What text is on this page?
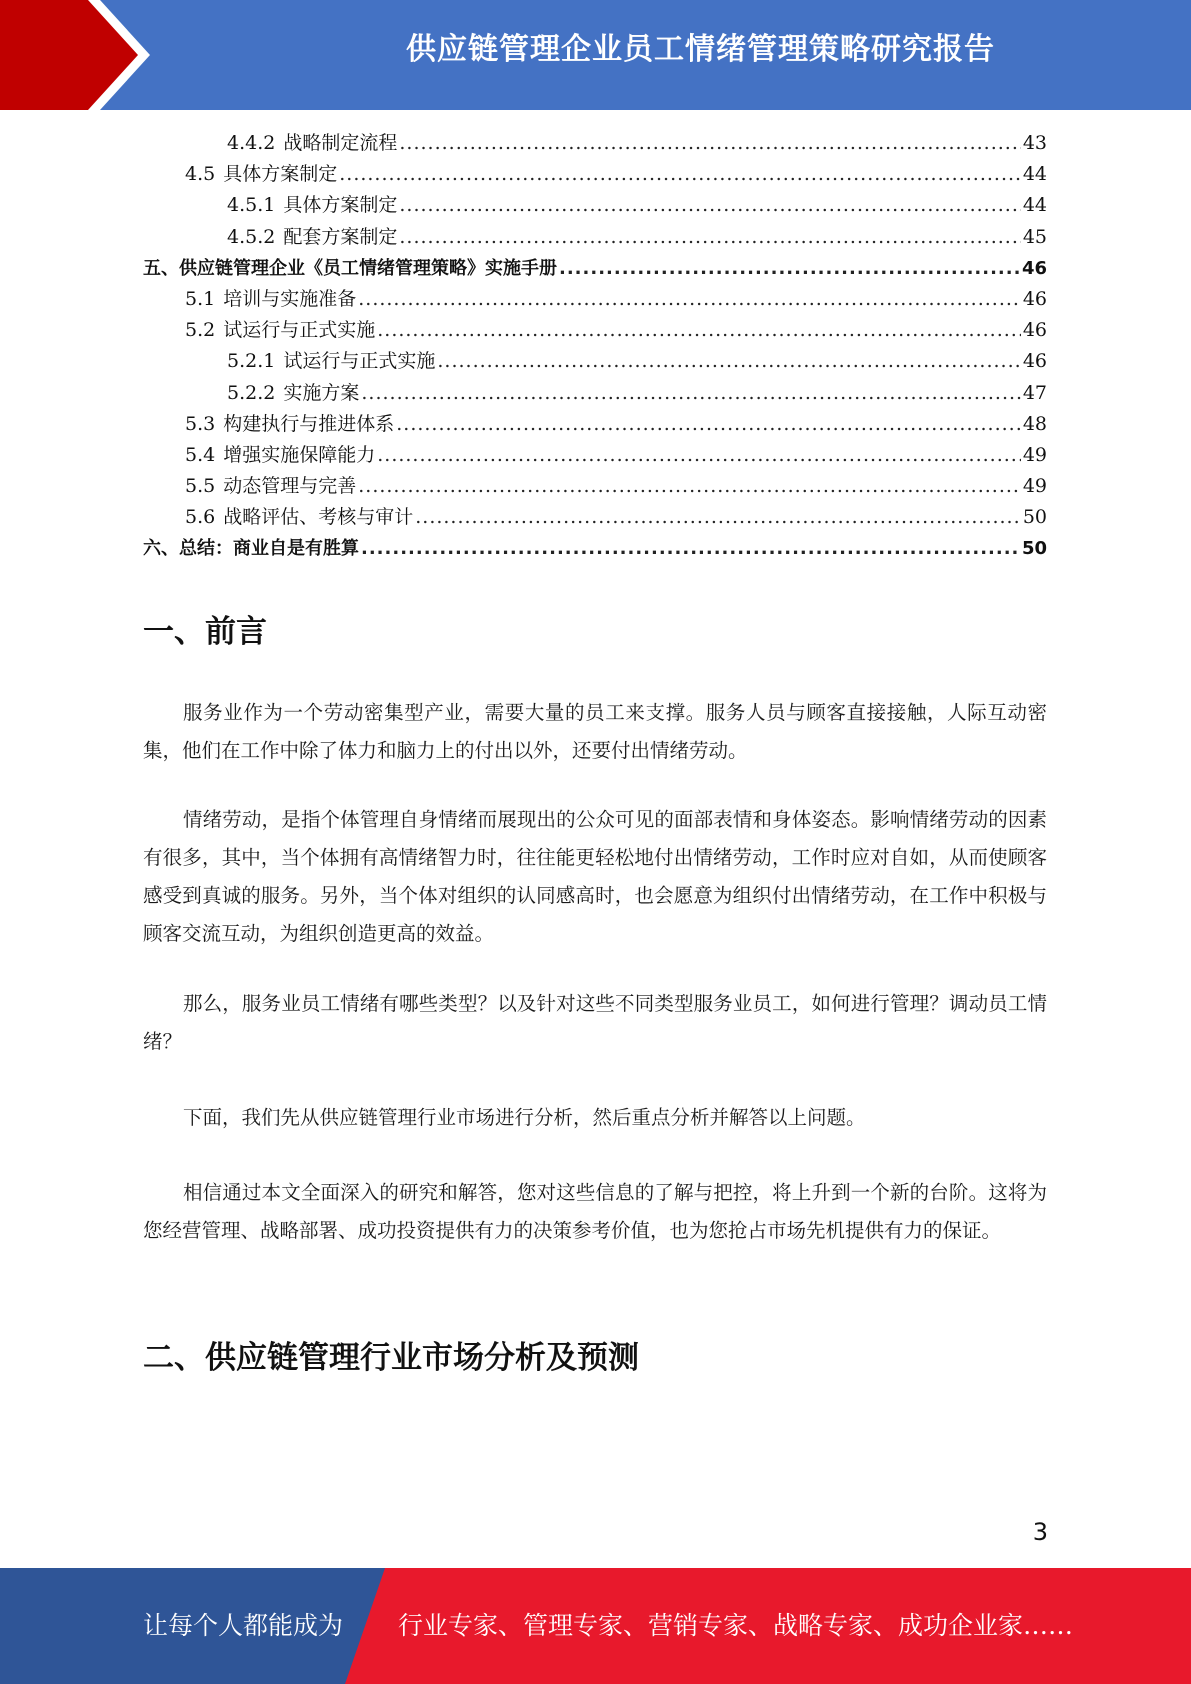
供应链管理企业员工情绪管理策略研究报告
4.4.2 战略制定流程 .....	43
4.5 具体方案制定 .....	44
4.5.1 具体方案制定 .....	44
4.5.2 配套方案制定 .....	45
五、供应链管理企业《员工情绪管理策略》实施手册 .....	46
5.1 培训与实施准备 .....	46
5.2 试运行与正式实施 .....	46
5.2.1 试运行与正式实施 .....	46
5.2.2 实施方案 .....	47
5.3 构建执行与推进体系 .....	48
5.4 增强实施保障能力 .....	49
5.5 动态管理与完善 .....	49
5.6 战略评估、考核与审计 .....	50
六、总结：商业自是有胜算 .....	50
一、前言

服务业作为一个劳动密集型产业，需要大量的员工来支撑。服务人员与顾客直接接触，人际互动密集，他们在工作中除了体力和脑力上的付出以外，还要付出情绪劳动。

情绪劳动，是指个体管理自身情绪而展现出的公众可见的面部表情和身体姿态。影响情绪劳动的因素有很多，其中，当个体拥有高情绪智力时，往往能更轻松地付出情绪劳动，工作时应对自如，从而使顾客感受到真诚的服务。另外，当个体对组织的认同感高时，也会愿意为组织付出情绪劳动，在工作中积极与顾客交流互动，为组织创造更高的效益。

那么，服务业员工情绪有哪些类型？以及针对这些不同类型服务业员工，如何进行管理？调动员工情绪？

下面，我们先从供应链管理行业市场进行分析，然后重点分析并解答以上问题。

相信通过本文全面深入的研究和解答，您对这些信息的了解与把控，将上升到一个新的台阶。这将为您经营管理、战略部署、成功投资提供有力的决策参考价值，也为您抢占市场先机提供有力的保证。

二、供应链管理行业市场分析及预测
3
让每个人都能成为 行业专家、管理专家、营销专家、战略专家、成功企业家……
